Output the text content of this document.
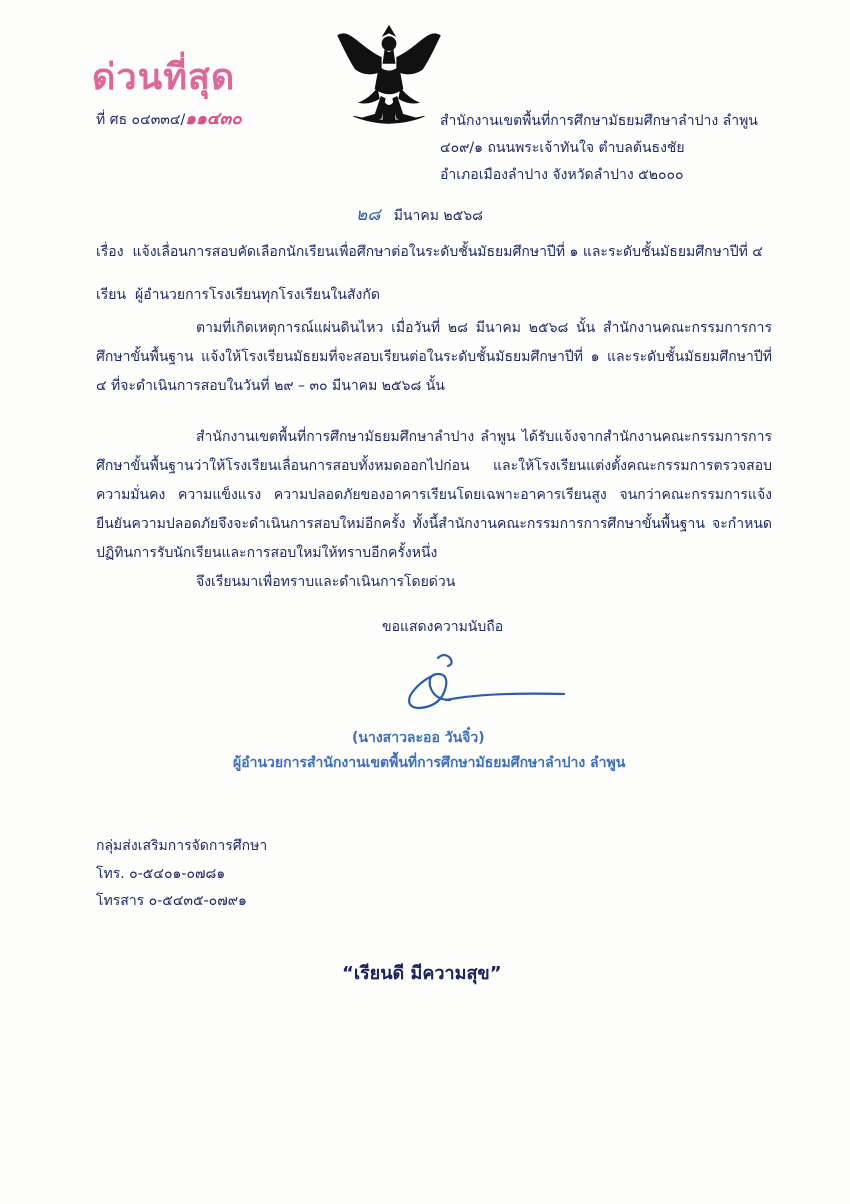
ด่วนที่สุด
ที่ ศธ ๐๔๓๓๔/๑๑๔๓๐	สำนักงานเขตพื้นที่การศึกษามัธยมศึกษาลำปาง ลำพูน
๔๐๙/๑ ถนนพระเจ้าทันใจ ตำบลต้นธงชัย
อำเภอเมืองลำปาง จังหวัดลำปาง ๕๒๐๐๐
๒๘ มีนาคม ๒๕๖๘
เรื่อง แจ้งเลื่อนการสอบคัดเลือกนักเรียนเพื่อศึกษาต่อในระดับชั้นมัธยมศึกษาปีที่ ๑ และระดับชั้นมัธยมศึกษาปีที่ ๔
เรียน ผู้อำนวยการโรงเรียนทุกโรงเรียนในสังกัด
ตามที่เกิดเหตุการณ์แผ่นดินไหว เมื่อวันที่ ๒๘ มีนาคม ๒๕๖๘ นั้น สำนักงานคณะกรรมการการศึกษาขั้นพื้นฐาน แจ้งให้โรงเรียนมัธยมที่จะสอบเรียนต่อในระดับชั้นมัธยมศึกษาปีที่ ๑ และระดับชั้นมัธยมศึกษาปีที่ ๔ ที่จะดำเนินการสอบในวันที่ ๒๙ – ๓๐ มีนาคม ๒๕๖๘ นั้น
สำนักงานเขตพื้นที่การศึกษามัธยมศึกษาลำปาง ลำพูน ได้รับแจ้งจากสำนักงานคณะกรรมการการศึกษาขั้นพื้นฐานว่าให้โรงเรียนเลื่อนการสอบทั้งหมดออกไปก่อน และให้โรงเรียนแต่งตั้งคณะกรรมการตรวจสอบความมั่นคง ความแข็งแรง ความปลอดภัยของอาคารเรียนโดยเฉพาะอาคารเรียนสูง จนกว่าคณะกรรมการแจ้งยืนยันความปลอดภัยจึงจะดำเนินการสอบใหม่อีกครั้ง ทั้งนี้สำนักงานคณะกรรมการการศึกษาขั้นพื้นฐาน จะกำหนดปฏิทินการรับนักเรียนและการสอบใหม่ให้ทราบอีกครั้งหนึ่ง
จึงเรียนมาเพื่อทราบและดำเนินการโดยด่วน
ขอแสดงความนับถือ
(นางสาวละออ วันจิ๋ว)
ผู้อำนวยการสำนักงานเขตพื้นที่การศึกษามัธยมศึกษาลำปาง ลำพูน
กลุ่มส่งเสริมการจัดการศึกษา
โทร. ๐-๕๔๐๑-๐๗๘๑
โทรสาร ๐-๕๔๓๕-๐๗๙๑
“เรียนดี มีความสุข”
